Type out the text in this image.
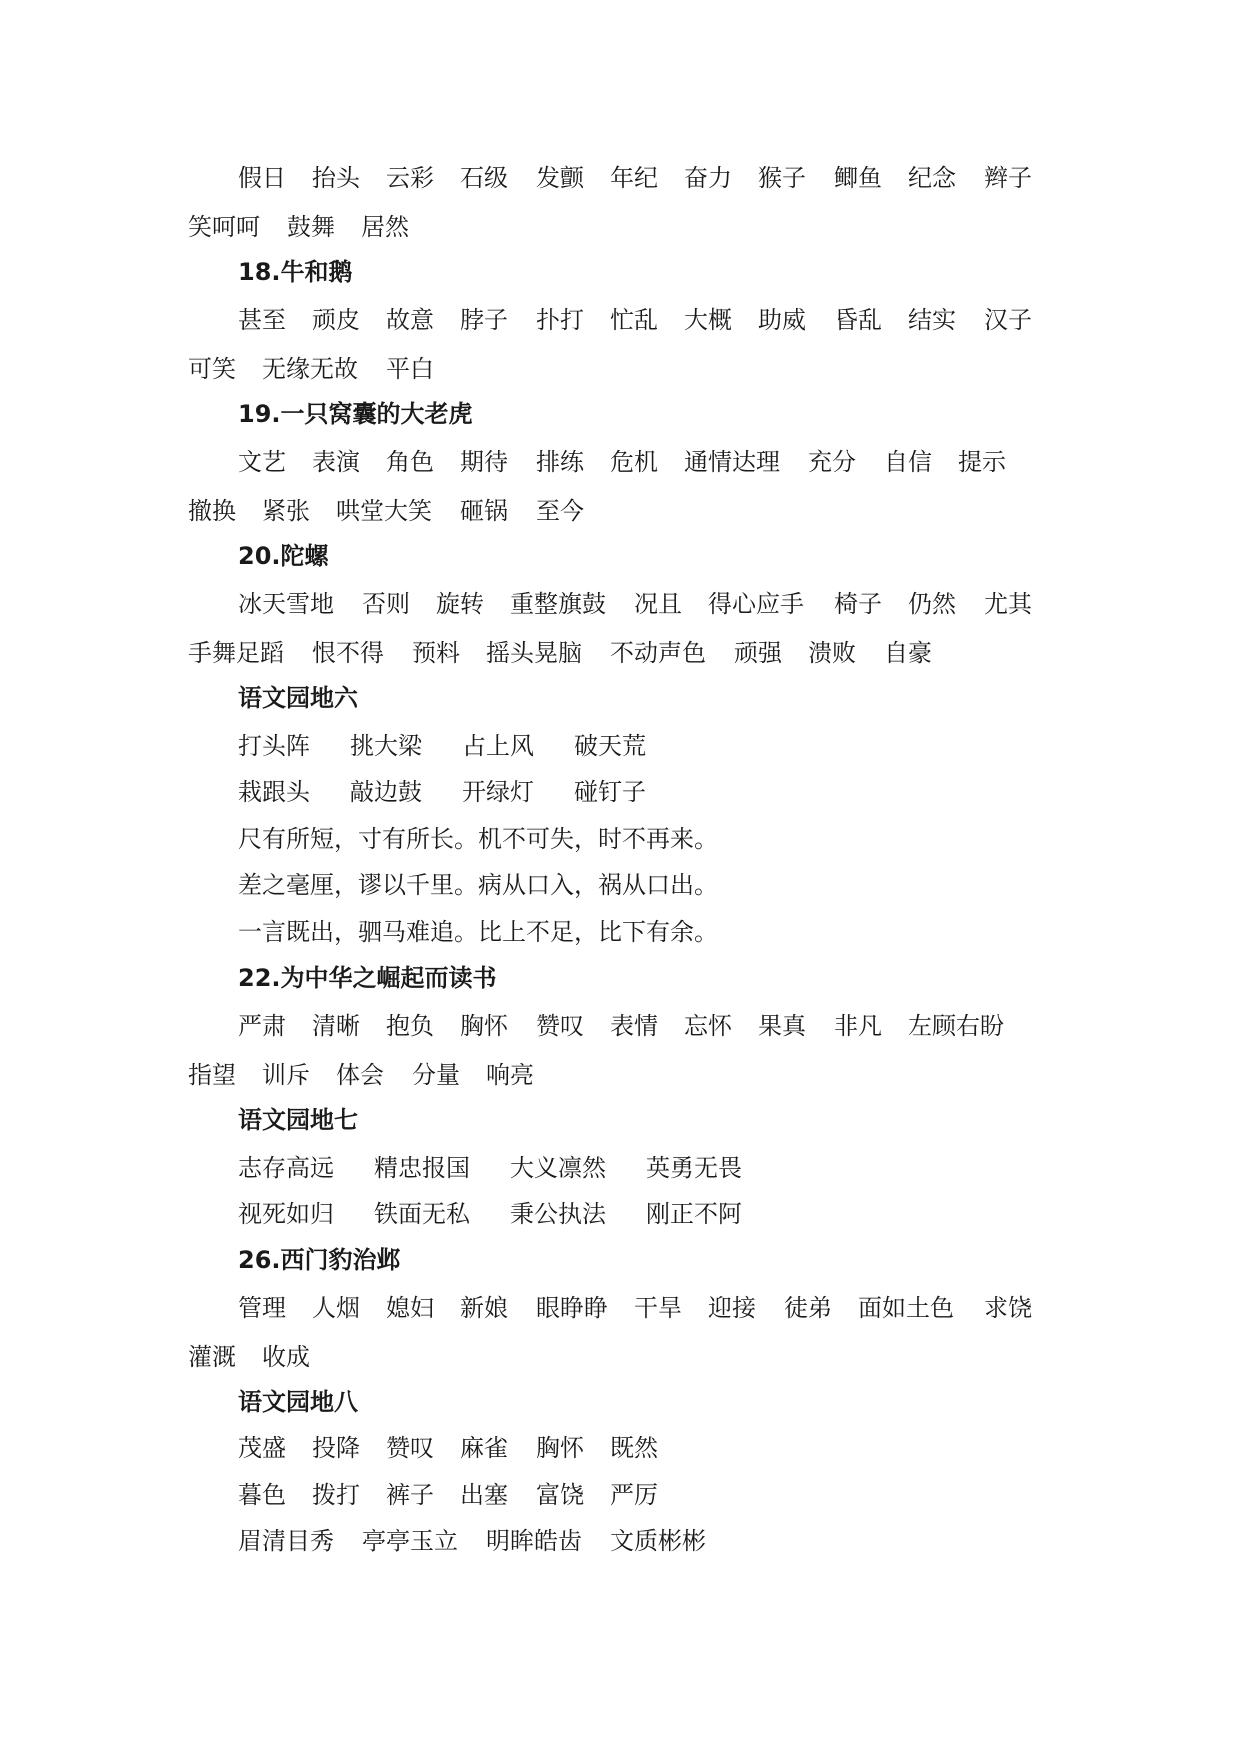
假日 抬头 云彩 石级 发颤 年纪 奋力 猴子 鲫鱼 纪念 辫子
笑呵呵 鼓舞 居然
18.牛和鹅
甚至 顽皮 故意 脖子 扑打 忙乱 大概 助威 昏乱 结实 汉子
可笑 无缘无故 平白
19.一只窝囊的大老虎
文艺 表演 角色 期待 排练 危机 通情达理 充分 自信 提示
撤换 紧张 哄堂大笑 砸锅 至今
20.陀螺
冰天雪地 否则 旋转 重整旗鼓 况且 得心应手 椅子 仍然 尤其
手舞足蹈 恨不得 预料 摇头晃脑 不动声色 顽强 溃败 自豪
语文园地六
打头阵 挑大梁 占上风 破天荒
栽跟头 敲边鼓 开绿灯 碰钉子
尺有所短，寸有所长。机不可失，时不再来。
差之毫厘，谬以千里。病从口入，祸从口出。
一言既出，驷马难追。比上不足，比下有余。
22.为中华之崛起而读书
严肃 清晰 抱负 胸怀 赞叹 表情 忘怀 果真 非凡 左顾右盼
指望 训斥 体会 分量 响亮
语文园地七
志存高远 精忠报国 大义凛然 英勇无畏
视死如归 铁面无私 秉公执法 刚正不阿
26.西门豹治邺
管理 人烟 媳妇 新娘 眼睁睁 干旱 迎接 徒弟 面如土色 求饶
灌溉 收成
语文园地八
茂盛 投降 赞叹 麻雀 胸怀 既然
暮色 拨打 裤子 出塞 富饶 严厉
眉清目秀 亭亭玉立 明眸皓齿 文质彬彬
